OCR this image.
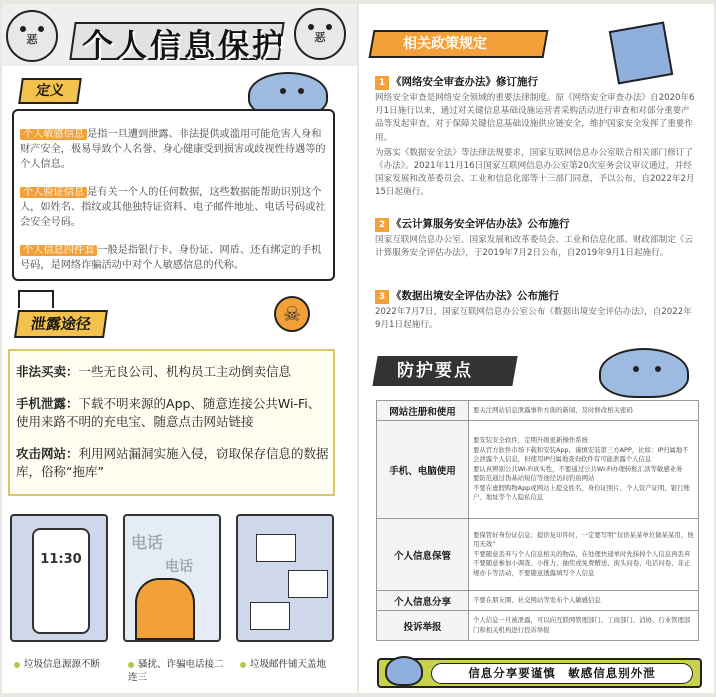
恶	个人信息保护	恶
定义
个人敏感信息 是指一旦遭到泄露、非法提供或滥用可能危害人身和财产安全，极易导致个人名誉、身心健康受到损害或歧视性待遇等的个人信息。
个人验证信息 是有关一个人的任何数据，这些数据能帮助识别这个人，如姓名、指纹或其他独特证资料、电子邮件地址、电话号码或社会安全号码。
个人信息四件套 一般是指银行卡、身份证、网盾、还有绑定的手机号码，是网络诈骗活动中对个人敏感信息的代称。
泄露途径	☠
非法买卖：一些无良公司、机构员工主动倒卖信息
手机泄露：下载不明来源的App、随意连接公共Wi-Fi、使用来路不明的充电宝、随意点击网站链接
攻击网站：利用网站漏洞实施入侵，窃取保存信息的数据库，俗称“拖库”
11:30
电话
电话
垃圾信息源源不断	骚扰、诈骗电话接二连三
垃圾邮件铺天盖地
相关政策规定
1 《网络安全审查办法》修订施行

网络安全审查是网络安全领域的重要法律制度。原《网络安全审查办法》自2020年6月1日施行以来，通过对关键信息基础设施运营者采购活动进行审查和对部分重要产品等发起审查，对于保障关键信息基础设施供应链安全，维护国家安全发挥了重要作用。

为落实《数据安全法》等法律法规要求，国家互联网信息办公室联合相关部门修订了《办法》。2021年11月16日国家互联网信息办公室第20次室务会议审议通过，并经国家发展和改革委员会、工业和信息化部等十三部门同意，予以公布，自2022年2月15日起施行。

2 《云计算服务安全评估办法》公布施行

国家互联网信息办公室、国家发展和改革委员会、工业和信息化部、财政部制定《云计算服务安全评估办法》，于2019年7月2日公布，自2019年9月1日起施行。

3 《数据出境安全评估办法》公布施行

2022年7月7日，国家互联网信息办公室公布《数据出境安全评估办法》，自2022年9月1日起施行。

防护要点
网站注册和使用	要关注网站信息泄露事件方面的新闻，及时修改相关密码

手机、电脑使用	要安装安全软件，定期升级更新操作系统
要从官方软件市场下载和安装App，谨慎安装第三方APP，比如：IP归属地不会泄露个人信息，但使用IP归属地查询软件有可能泄露个人信息
要认真辨别公共Wi-Fi真实性，不要通过公共Wi-Fi办理转账汇款等敏感业务
要防范通过伪基站短信等途径访问钓鱼网站
不要在虚假购物App或网站上提交姓名、身份证照片、个人资产证明、银行账户、地址等个人隐私信息

个人信息保管	要保管好身份证信息；提供复印件时，一定要写明“仅供某某单位做某某用，他用无效”
不要随意丢弃与个人信息相关的物品，在处理快递单时先抹掉个人信息再丢弃
不要随意参加小调查、小推力、抽奖或免费赠送、街头问卷、电话问卷、非正规办卡等活动，不要随意透露填写个人信息

个人信息分享	不要在朋友圈、社交网站等发布个人敏感信息

投诉举报	个人信息一旦被泄露，可以向互联网管理部门、工商部门、消协、行业管理部门和相关机构进行投诉举报
信息分享要谨慎　敏感信息别外泄
